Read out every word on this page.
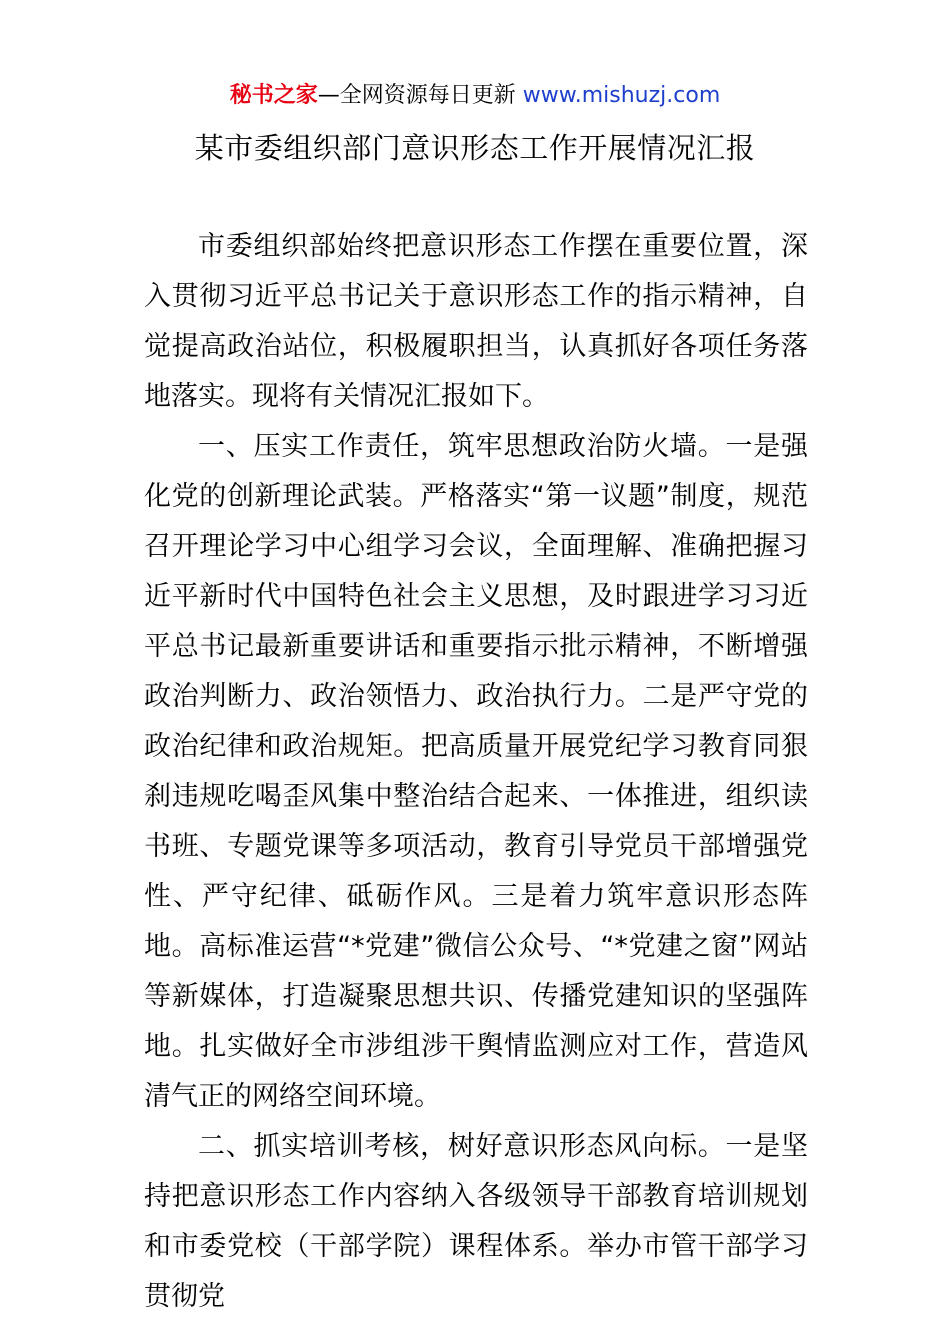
秘书之家—全网资源每日更新 www.mishuzj.com
某市委组织部门意识形态工作开展情况汇报

市委组织部始终把意识形态工作摆在重要位置，深入贯彻习近平总书记关于意识形态工作的指示精神，自觉提高政治站位，积极履职担当，认真抓好各项任务落地落实。现将有关情况汇报如下。

一、压实工作责任，筑牢思想政治防火墙。一是强化党的创新理论武装。严格落实“第一议题”制度，规范召开理论学习中心组学习会议，全面理解、准确把握习近平新时代中国特色社会主义思想，及时跟进学习习近平总书记最新重要讲话和重要指示批示精神，不断增强政治判断力、政治领悟力、政治执行力。二是严守党的政治纪律和政治规矩。把高质量开展党纪学习教育同狠刹违规吃喝歪风集中整治结合起来、一体推进，组织读书班、专题党课等多项活动，教育引导党员干部增强党性、严守纪律、砥砺作风。三是着力筑牢意识形态阵地。高标准运营“*党建”微信公众号、“*党建之窗”网站等新媒体，打造凝聚思想共识、传播党建知识的坚强阵地。扎实做好全市涉组涉干舆情监测应对工作，营造风清气正的网络空间环境。

二、抓实培训考核，树好意识形态风向标。一是坚持把意识形态工作内容纳入各级领导干部教育培训规划和市委党校（干部学院）课程体系。举办市管干部学习贯彻党
